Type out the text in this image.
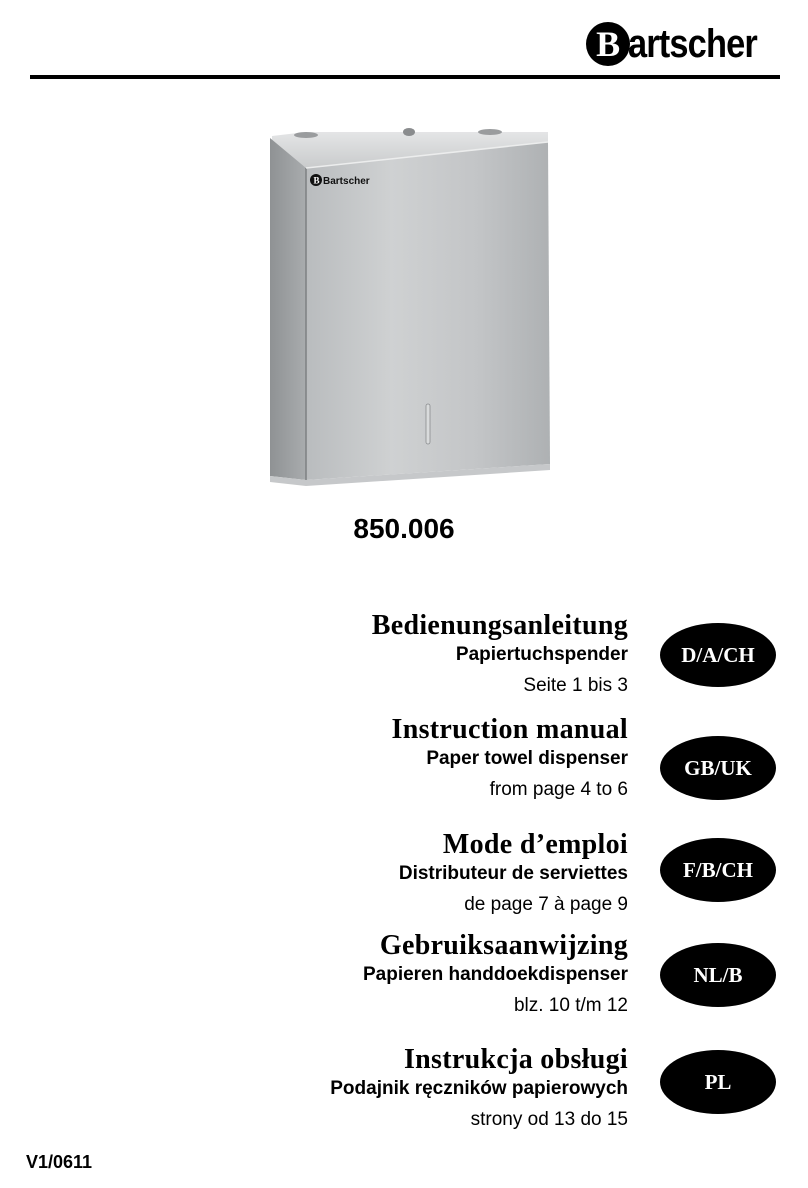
B artscher
B Bartscher
850.006
Bedienungsanleitung
Papiertuchspender
Seite 1 bis 3
D/A/CH
Instruction manual
Paper towel dispenser
from page 4 to 6
GB/UK
Mode d’emploi
Distributeur de serviettes
de page 7 à page 9
F/B/CH
Gebruiksaanwijzing
Papieren handdoekdispenser
blz. 10 t/m 12
NL/B
Instrukcja obsługi
Podajnik ręczników papierowych
strony od 13 do 15
PL
V1/0611
